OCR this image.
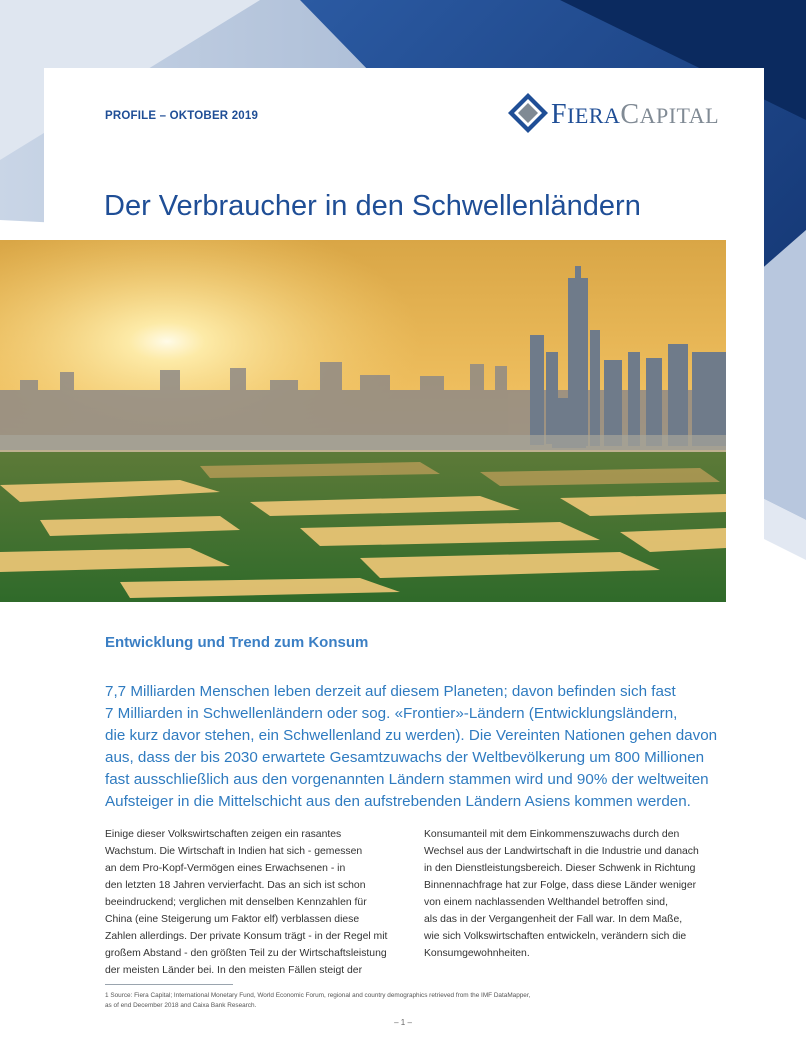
PROFILE – OKTOBER 2019	FIERACAPITAL
Der Verbraucher in den Schwellenländern
Entwicklung und Trend zum Konsum
7,7 Milliarden Menschen leben derzeit auf diesem Planeten; davon befinden sich fast
7 Milliarden in Schwellenländern oder sog. «Frontier»-Ländern (Entwicklungsländern,
die kurz davor stehen, ein Schwellenland zu werden). Die Vereinten Nationen gehen davon
aus, dass der bis 2030 erwartete Gesamtzuwachs der Weltbevölkerung um 800 Millionen
fast ausschließlich aus den vorgenannten Ländern stammen wird und 90% der weltweiten
Aufsteiger in die Mittelschicht aus den aufstrebenden Ländern Asiens kommen werden.
Einige dieser Volkswirtschaften zeigen ein rasantes
Wachstum. Die Wirtschaft in Indien hat sich - gemessen
an dem Pro-Kopf-Vermögen eines Erwachsenen - in
den letzten 18 Jahren vervierfacht. Das an sich ist schon
beeindruckend; verglichen mit denselben Kennzahlen für
China (eine Steigerung um Faktor elf) verblassen diese
Zahlen allerdings. Der private Konsum trägt - in der Regel mit
großem Abstand - den größten Teil zu der Wirtschaftsleistung
der meisten Länder bei. In den meisten Fällen steigt der
Konsumanteil mit dem Einkommenszuwachs durch den
Wechsel aus der Landwirtschaft in die Industrie und danach
in den Dienstleistungsbereich. Dieser Schwenk in Richtung
Binnennachfrage hat zur Folge, dass diese Länder weniger
von einem nachlassenden Welthandel betroffen sind,
als das in der Vergangenheit der Fall war. In dem Maße,
wie sich Volkswirtschaften entwickeln, verändern sich die
Konsumgewohnheiten.
1 Source: Fiera Capital; International Monetary Fund, World Economic Forum, regional and country demographics retrieved from the IMF DataMapper,
as of end December 2018 and Caixa Bank Research.
– 1 –
